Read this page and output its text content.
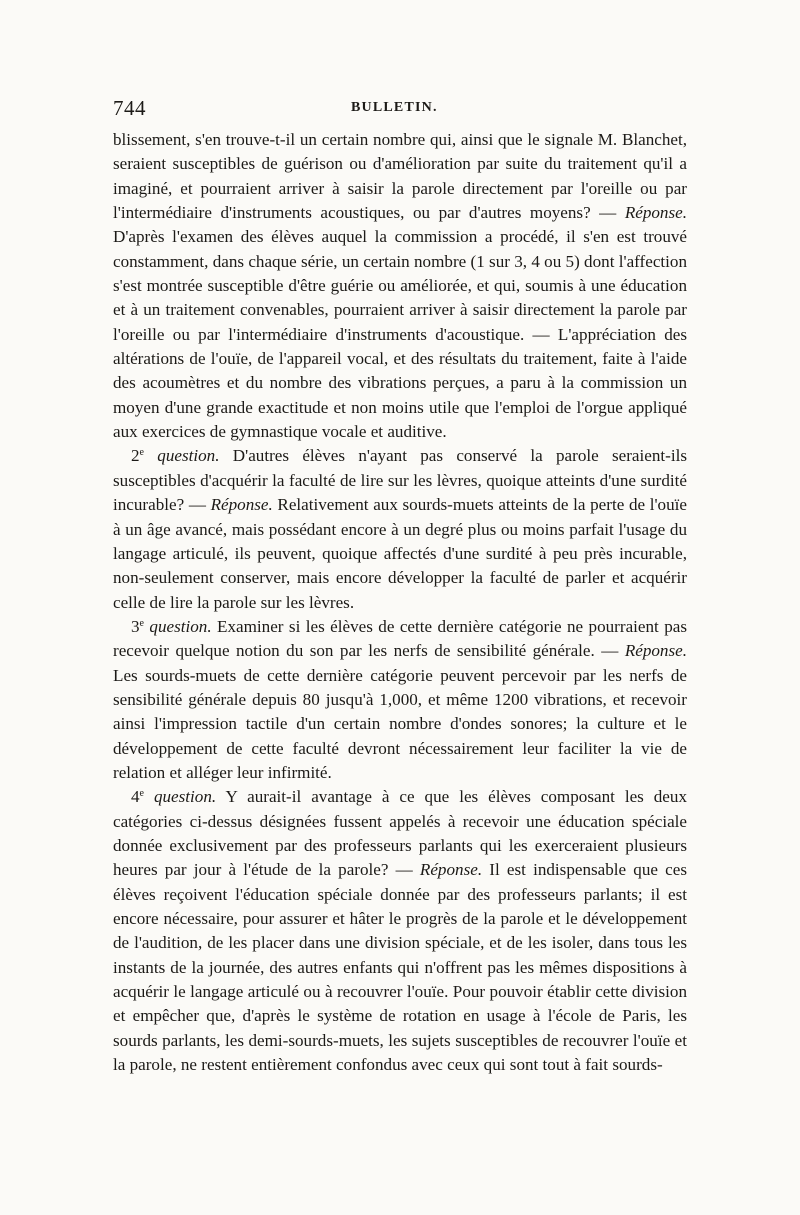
744	BULLETIN.

blissement, s'en trouve-t-il un certain nombre qui, ainsi que le signale M. Blanchet, seraient susceptibles de guérison ou d'amélioration par suite du traitement qu'il a imaginé, et pourraient arriver à saisir la parole directement par l'oreille ou par l'intermédiaire d'instruments acoustiques, ou par d'autres moyens? — Réponse. D'après l'examen des élèves auquel la commission a procédé, il s'en est trouvé constamment, dans chaque série, un certain nombre (1 sur 3, 4 ou 5) dont l'affection s'est montrée susceptible d'être guérie ou améliorée, et qui, soumis à une éducation et à un traitement convenables, pourraient arriver à saisir directement la parole par l'oreille ou par l'intermédiaire d'instruments d'acoustique. — L'appréciation des altérations de l'ouïe, de l'appareil vocal, et des résultats du traitement, faite à l'aide des acoumètres et du nombre des vibrations perçues, a paru à la commission un moyen d'une grande exactitude et non moins utile que l'emploi de l'orgue appliqué aux exercices de gymnastique vocale et auditive.

2e question. D'autres élèves n'ayant pas conservé la parole seraient-ils susceptibles d'acquérir la faculté de lire sur les lèvres, quoique atteints d'une surdité incurable? — Réponse. Relativement aux sourds-muets atteints de la perte de l'ouïe à un âge avancé, mais possédant encore à un degré plus ou moins parfait l'usage du langage articulé, ils peuvent, quoique affectés d'une surdité à peu près incurable, non-seulement conserver, mais encore développer la faculté de parler et acquérir celle de lire la parole sur les lèvres.

3e question. Examiner si les élèves de cette dernière catégorie ne pourraient pas recevoir quelque notion du son par les nerfs de sensibilité générale. — Réponse. Les sourds-muets de cette dernière catégorie peuvent percevoir par les nerfs de sensibilité générale depuis 80 jusqu'à 1,000, et même 1200 vibrations, et recevoir ainsi l'impression tactile d'un certain nombre d'ondes sonores; la culture et le développement de cette faculté devront nécessairement leur faciliter la vie de relation et alléger leur infirmité.

4e question. Y aurait-il avantage à ce que les élèves composant les deux catégories ci-dessus désignées fussent appelés à recevoir une éducation spéciale donnée exclusivement par des professeurs parlants qui les exerceraient plusieurs heures par jour à l'étude de la parole? — Réponse. Il est indispensable que ces élèves reçoivent l'éducation spéciale donnée par des professeurs parlants; il est encore nécessaire, pour assurer et hâter le progrès de la parole et le développement de l'audition, de les placer dans une division spéciale, et de les isoler, dans tous les instants de la journée, des autres enfants qui n'offrent pas les mêmes dispositions à acquérir le langage articulé ou à recouvrer l'ouïe. Pour pouvoir établir cette division et empêcher que, d'après le système de rotation en usage à l'école de Paris, les sourds parlants, les demi-sourds-muets, les sujets susceptibles de recouvrer l'ouïe et la parole, ne restent entièrement confondus avec ceux qui sont tout à fait sourds-
